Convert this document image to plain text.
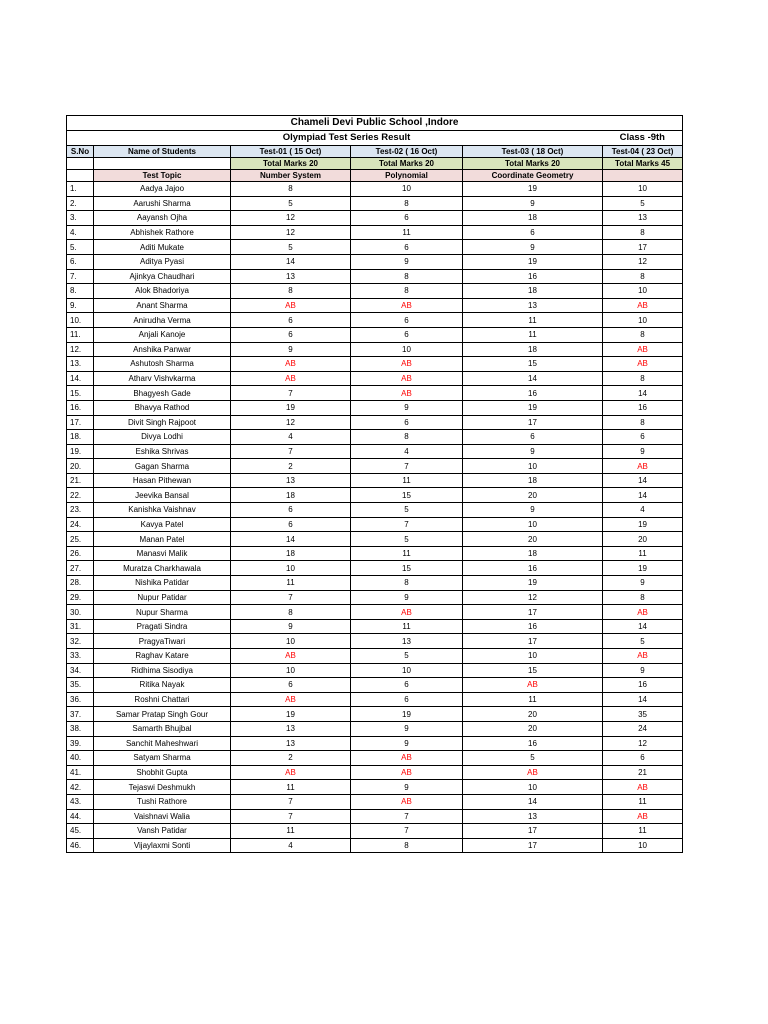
Chameli Devi Public School ,Indore					
		Olympiad Test Series Result			Class -9th
S.No	Name of Students	Test-01 ( 15 Oct)	Test-02 ( 16 Oct)	Test-03 ( 18 Oct)	Test-04 ( 23 Oct)
		Total Marks 20	Total Marks 20	Total Marks 20	Total Marks 45
	Test Topic	Number System	Polynomial	Coordinate Geometry	
1.	Aadya Jajoo	8	10	19	10
2.	Aarushi Sharma	5	8	9	5
3.	Aayansh Ojha	12	6	18	13
4.	Abhishek Rathore	12	11	6	8
5.	Aditi Mukate	5	6	9	17
6.	Aditya Pyasi	14	9	19	12
7.	Ajinkya Chaudhari	13	8	16	8
8.	Alok Bhadoriya	8	8	18	10
9.	Anant Sharma	AB	AB	13	AB
10.	Anirudha Verma	6	6	11	10
11.	Anjali Kanoje	6	6	11	8
12.	Anshika Panwar	9	10	18	AB
13.	Ashutosh Sharma	AB	AB	15	AB
14.	Atharv Vishvkarma	AB	AB	14	8
15.	Bhagyesh Gade	7	AB	16	14
16.	Bhavya Rathod	19	9	19	16
17.	Divit Singh Rajpoot	12	6	17	8
18.	Divya Lodhi	4	8	6	6
19.	Eshika Shrivas	7	4	9	9
20.	Gagan Sharma	2	7	10	AB
21.	Hasan Pithewan	13	11	18	14
22.	Jeevika Bansal	18	15	20	14
23.	Kanishka Vaishnav	6	5	9	4
24.	Kavya Patel	6	7	10	19
25.	Manan Patel	14	5	20	20
26.	Manasvi Malik	18	11	18	11
27.	Muratza Charkhawala	10	15	16	19
28.	Nishika Patidar	11	8	19	9
29.	Nupur Patidar	7	9	12	8
30.	Nupur Sharma	8	AB	17	AB
31.	Pragati Sindra	9	11	16	14
32.	PragyaTiwari	10	13	17	5
33.	Raghav Katare	AB	5	10	AB
34.	Ridhima Sisodiya	10	10	15	9
35.	Ritika Nayak	6	6	AB	16
36.	Roshni Chattari	AB	6	11	14
37.	Samar Pratap Singh Gour	19	19	20	35
38.	Samarth Bhujbal	13	9	20	24
39.	Sanchit Maheshwari	13	9	16	12
40.	Satyam Sharma	2	AB	5	6
41.	Shobhit Gupta	AB	AB	AB	21
42.	Tejaswi Deshmukh	11	9	10	AB
43.	Tushi Rathore	7	AB	14	11
44.	Vaishnavi Walia	7	7	13	AB
45.	Vansh Patidar	11	7	17	11
46.	Vijaylaxmi Sonti	4	8	17	10
